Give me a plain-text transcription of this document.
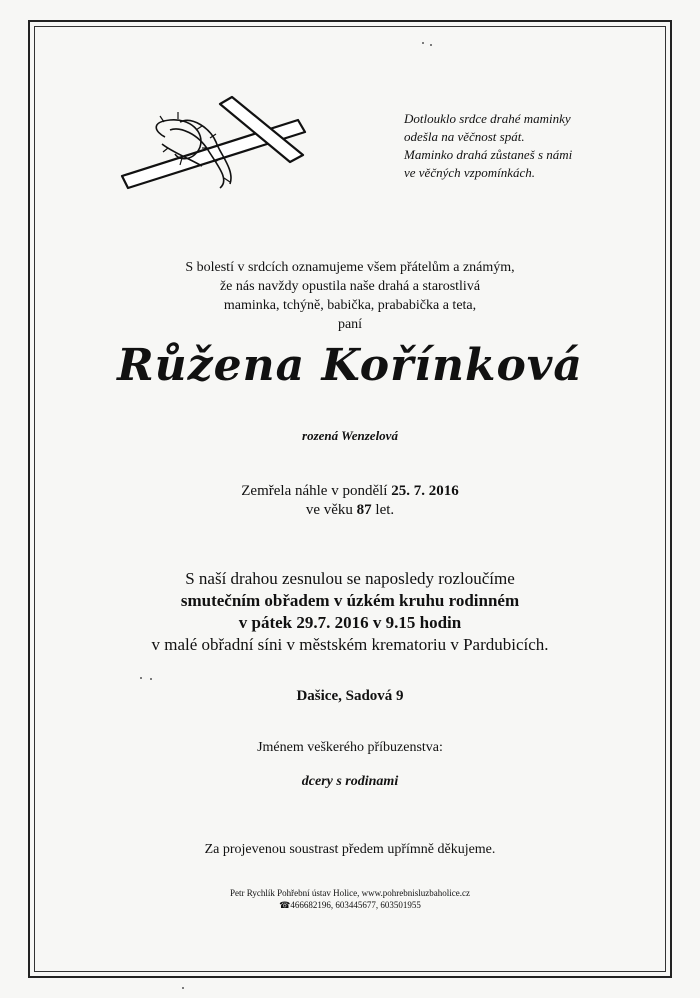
Dotlouklo srdce drahé maminky
odešla na věčnost spát.
Maminko drahá zůstaneš s námi
ve věčných vzpomínkách.
S bolestí v srdcích oznamujeme všem přátelům a známým,
že nás navždy opustila naše drahá a starostlivá
maminka, tchýně, babička, prababička a teta,
paní
Růžena Kořínková
rozená Wenzelová
Zemřela náhle v pondělí 25. 7. 2016
ve věku 87 let.
S naší drahou zesnulou se naposledy rozloučíme
smutečním obřadem v úzkém kruhu rodinném
v pátek 29.7. 2016 v 9.15 hodin
v malé obřadní síni v městském krematoriu v Pardubicích.
Dašice, Sadová 9
Jménem veškerého příbuzenstva:
dcery s rodinami
Za projevenou soustrast předem upřímně děkujeme.
Petr Rychlík Pohřební ústav Holice, www.pohrebnisluzbaholice.cz
☎466682196, 603445677, 603501955
